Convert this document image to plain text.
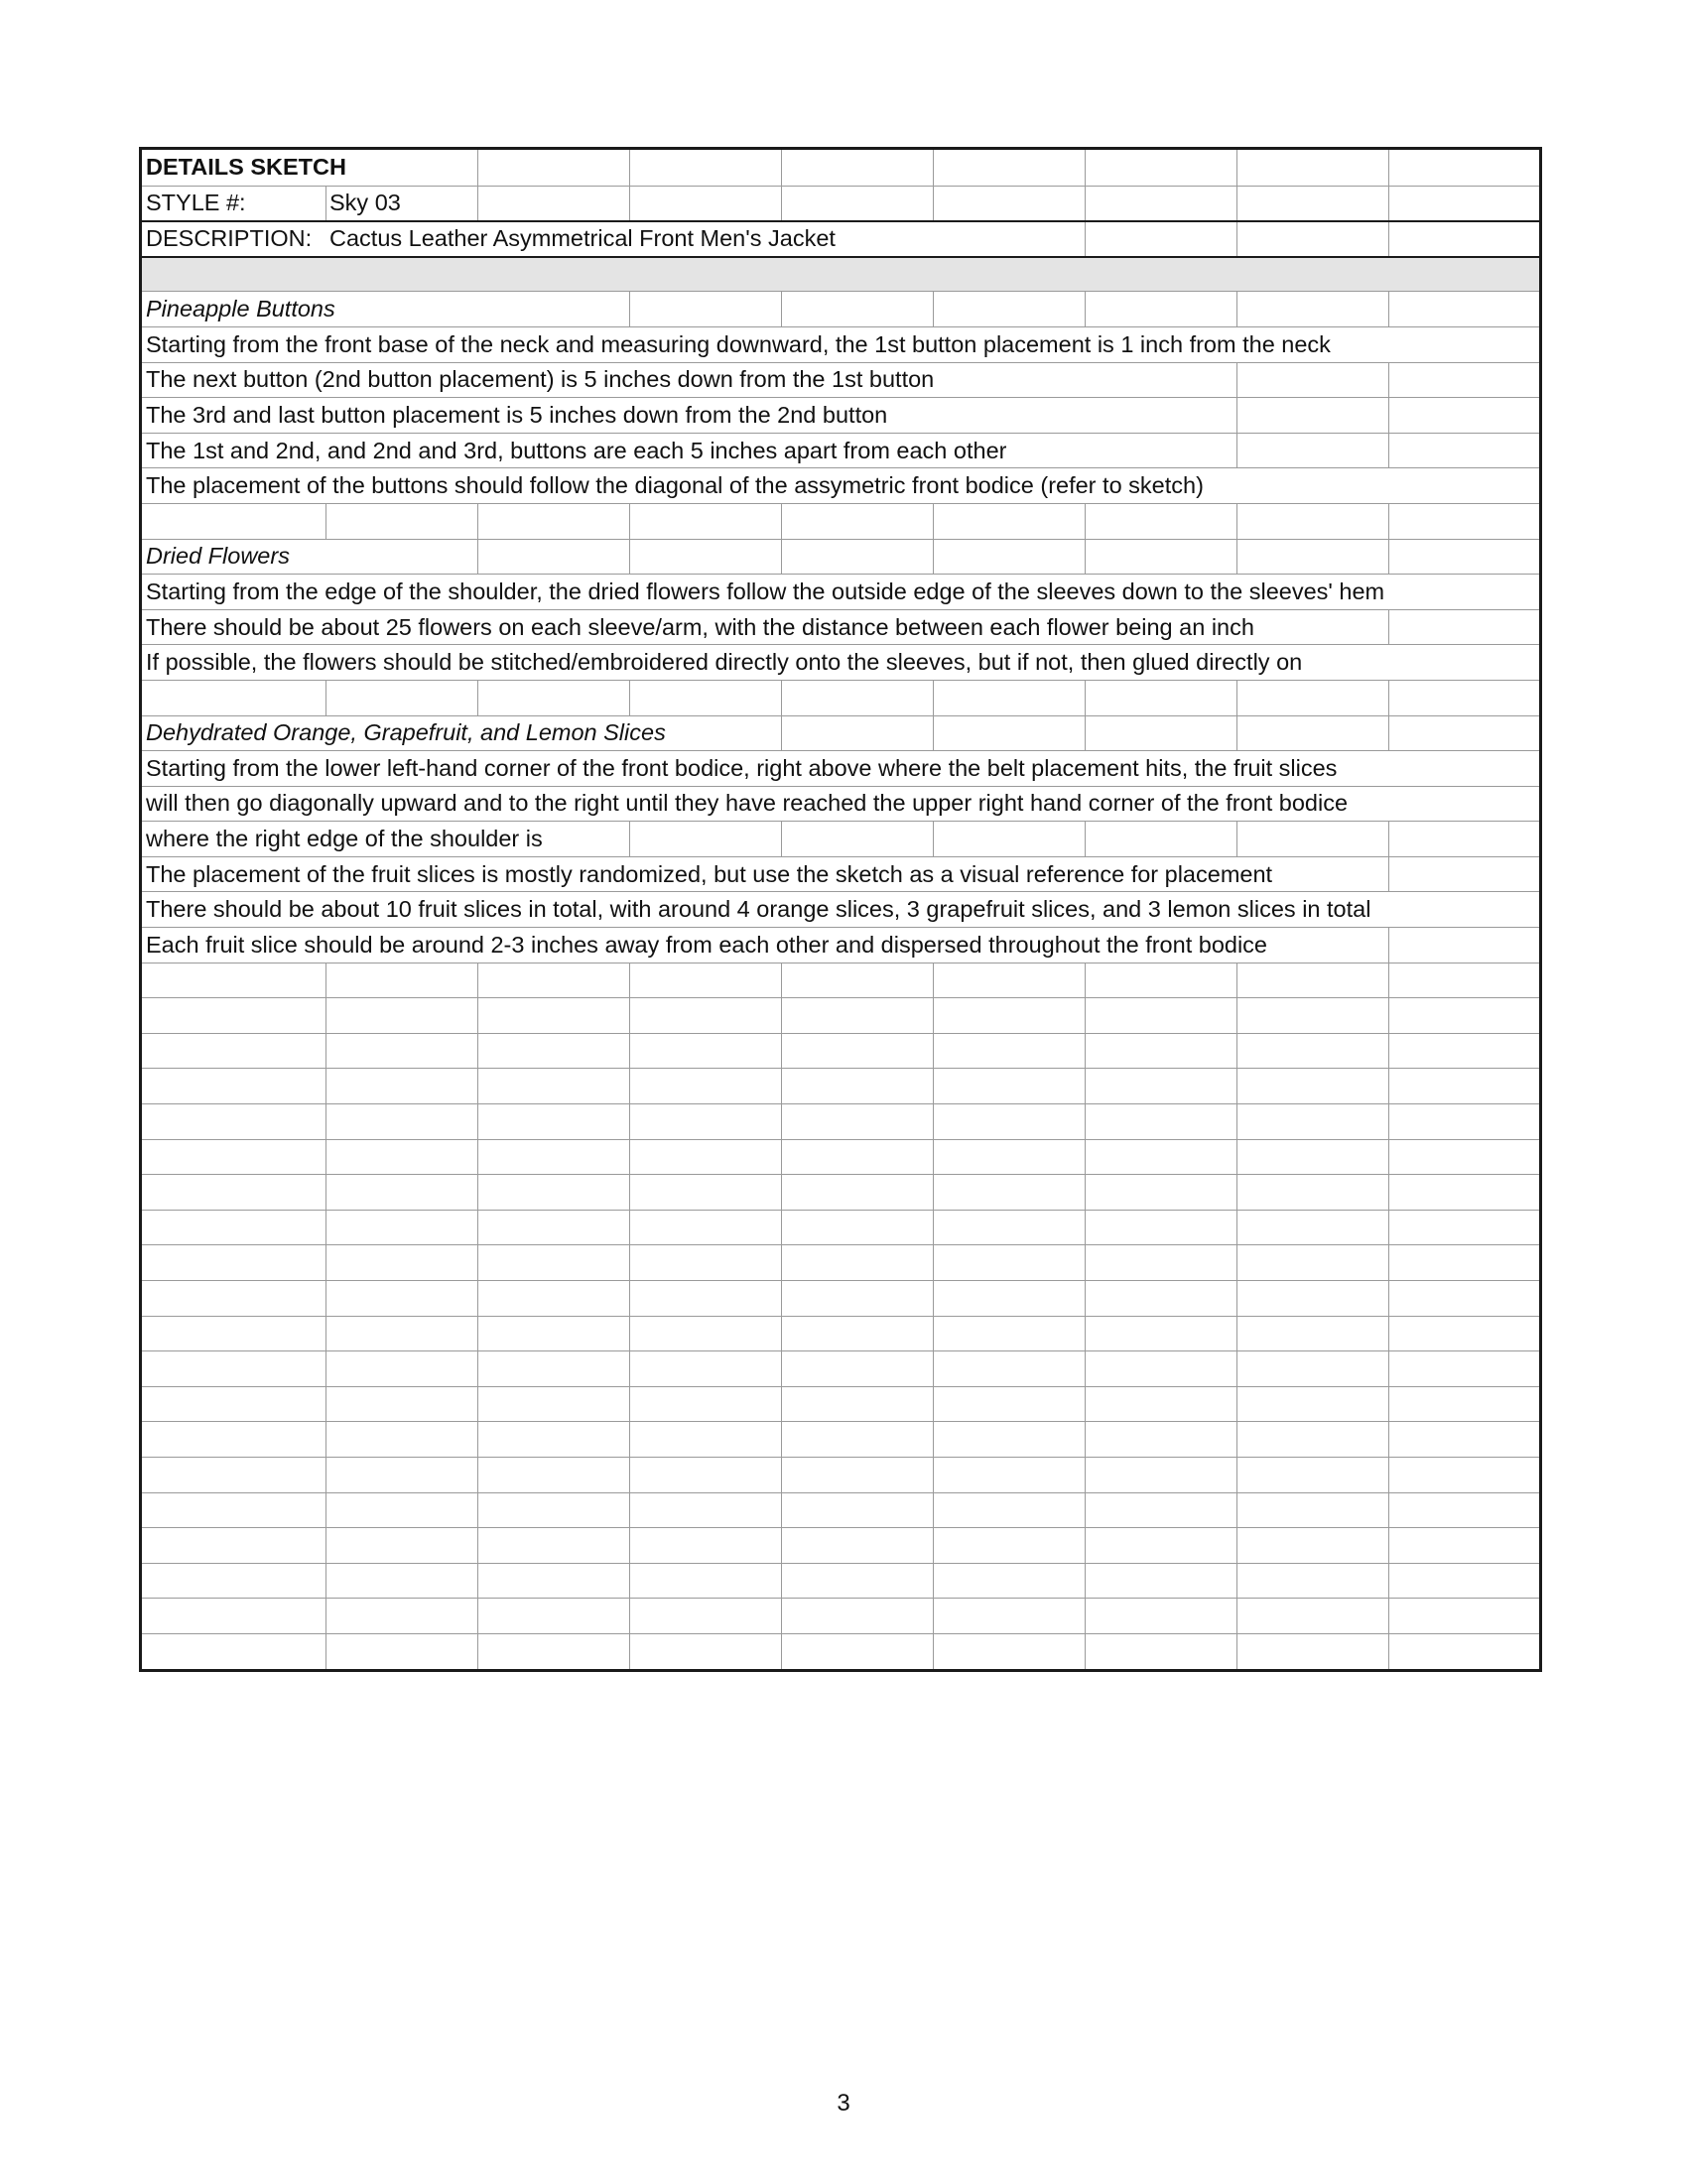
DETAILS SKETCH
STYLE #:	Sky 03
DESCRIPTION: Cactus Leather Asymmetrical Front Men's Jacket
Pineapple Buttons
Starting from the front base of the neck and measuring downward, the 1st button placement is 1 inch from the neck
The next button (2nd button placement) is 5 inches down from the 1st button
The 3rd and last button placement is 5 inches down from the 2nd button
The 1st and 2nd, and 2nd and 3rd, buttons are each 5 inches apart from each other
The placement of the buttons should follow the diagonal of the assymetric front bodice (refer to sketch)
Dried Flowers
Starting from the edge of the shoulder, the dried flowers follow the outside edge of the sleeves down to the sleeves' hem
There should be about 25 flowers on each sleeve/arm, with the distance between each flower being an inch
If possible, the flowers should be stitched/embroidered directly onto the sleeves, but if not, then glued directly on
Dehydrated Orange, Grapefruit, and Lemon Slices
Starting from the lower left-hand corner of the front bodice, right above where the belt placement hits, the fruit slices
will then go diagonally upward and to the right until they have reached the upper right hand corner of the front bodice
where the right edge of the shoulder is
The placement of the fruit slices is mostly randomized, but use the sketch as a visual reference for placement
There should be about 10 fruit slices in total, with around 4 orange slices, 3 grapefruit slices, and 3 lemon slices in total
Each fruit slice should be around 2-3 inches away from each other and dispersed throughout the front bodice
3
